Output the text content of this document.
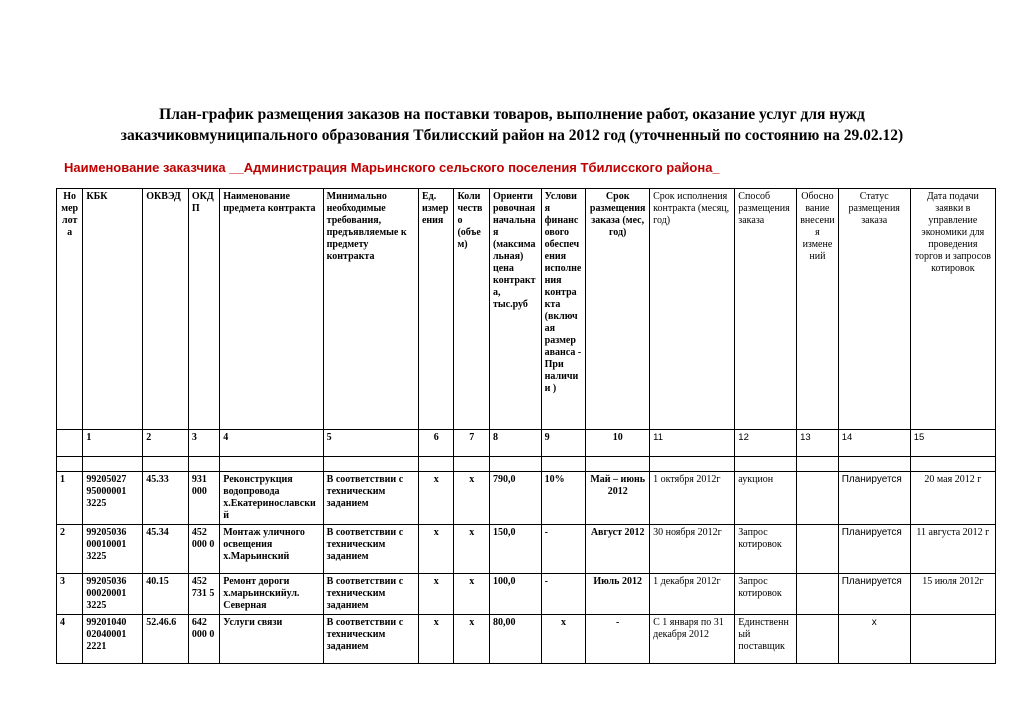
План-график размещения заказов на поставки товаров, выполнение работ, оказание услуг для нужд
заказчиковмуниципального образования Тбилисский район на 2012 год (уточненный по состоянию на 29.02.12)
Наименование заказчика __Администрация Марьинского сельского поселения Тбилисского района_
Номер лота	КБК	ОКВЭД	ОКДП	Наименование предмета контракта	Минимально необходимые требования, предъявляемые к предмету контракта	Ед. измерения	Количество (объем)	Ориентировочная начальная (максимальная) цена контракта, тыс.руб	Условия финансового обеспечения исполнения контракта (включая размер аванса - При наличии )	Срок размещения заказа (мес, год)	Срок исполнения контракта (месяц, год)	Способ размещения заказа	Обоснование внесения изменений	Статус размещения заказа	Дата подачи заявки в управление экономики для проведения торгов и запросов котировок
	1	2	3	4	5	6	7	8	9	10	11	12	13	14	15

1	99205027 95000001 3225	45.33	931 000	Реконструкция водопровода х.Екатеринославский	В соответствии с техническим заданием	х	х	790,0	10%	Май – июнь 2012	1 октября 2012г	аукцион		Планируется	20 мая 2012 г
2	99205036 00010001 3225	45.34	452 000 0	Монтаж уличного освещения х.Марьинский	В соответствии с техническим заданием	х	х	150,0	-	Август 2012	30 ноября 2012г	Запрос котировок		Планируется	11 августа 2012 г
3	99205036 00020001 3225	40.15	452 731 5	Ремонт дороги х.марьинскийул. Северная	В соответствии с техническим заданием	х	х	100,0	-	Июль 2012	1 декабря 2012г	Запрос котировок		Планируется	15 июля 2012г
4	99201040 02040001 2221	52.46.6	642 000 0	Услуги связи	В соответствии с техническим заданием	х	х	80,00	х	-	С 1 января по 31 декабря 2012	Единственный поставщик		х	
